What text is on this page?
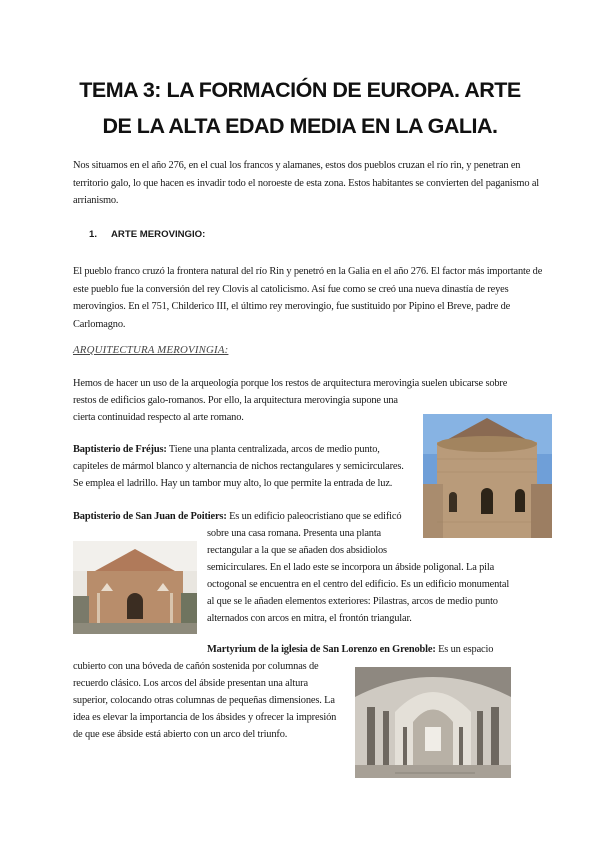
TEMA 3: LA FORMACIÓN DE EUROPA. ARTE
DE LA ALTA EDAD MEDIA EN LA GALIA.

Nos situamos en el año 276, en el cual los francos y alamanes, estos dos pueblos cruzan el río rin, y penetran en territorio galo, lo que hacen es invadir todo el noroeste de esta zona. Estos habitantes se convierten del paganismo al arrianismo.

1. ARTE MEROVINGIO:

El pueblo franco cruzó la frontera natural del río Rin y penetró en la Galia en el año 276. El factor más importante de este pueblo fue la conversión del rey Clovis al catolicismo. Así fue como se creó una nueva dinastía de reyes merovingios. En el 751, Childerico III, el último rey merovingio, fue sustituido por Pipino el Breve, padre de Carlomagno.

ARQUITECTURA MEROVINGIA:
Hemos de hacer un uso de la arqueología porque los restos de arquitectura merovingia suelen ubicarse sobre
restos de edificios galo-romanos. Por ello, la arquitectura merovingia supone una
cierta continuidad respecto al arte romano.
Baptisterio de Fréjus: Tiene una planta centralizada, arcos de medio punto,
capiteles de mármol blanco y alternancia de nichos rectangulares y semicirculares.
Se emplea el ladrillo. Hay un tambor muy alto, lo que permite la entrada de luz.
Baptisterio de San Juan de Poitiers: Es un edificio paleocristiano que se edificó
sobre una casa romana. Presenta una planta
rectangular a la que se añaden dos absidiolos
semicirculares. En el lado este se incorpora un ábside poligonal. La pila
octogonal se encuentra en el centro del edificio. Es un edificio monumental
al que se le añaden elementos exteriores: Pilastras, arcos de medio punto
alternados con arcos en mitra, el frontón triangular.
Martyrium de la iglesia de San Lorenzo en Grenoble: Es un espacio
cubierto con una bóveda de cañón sostenida por columnas de
recuerdo clásico. Los arcos del ábside presentan una altura
superior, colocando otras columnas de pequeñas dimensiones. La
idea es elevar la importancia de los ábsides y ofrecer la impresión
de que ese ábside está abierto con un arco del triunfo.
